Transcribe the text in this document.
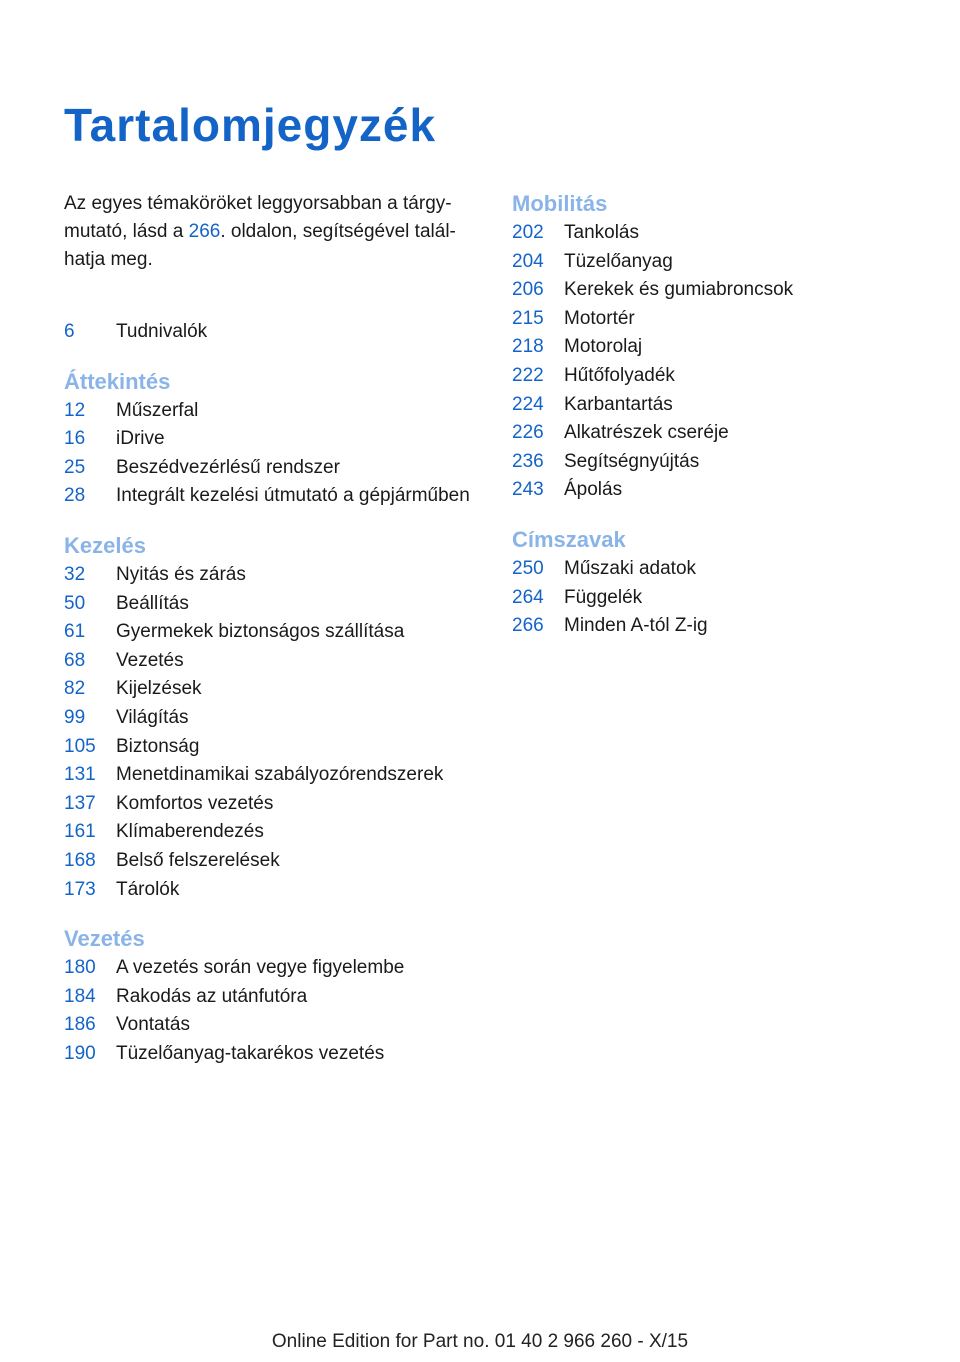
Tartalomjegyzék
Az egyes témaköröket leggyorsabban a tárgy-mutató, lásd a 266. oldalon, segítségével talál-hatja meg.
6	Tudnivalók
Áttekintés
12	Műszerfal
16	iDrive
25	Beszédvezérlésű rendszer
28	Integrált kezelési útmutató a gépjárműben
Kezelés
32	Nyitás és zárás
50	Beállítás
61	Gyermekek biztonságos szállítása
68	Vezetés
82	Kijelzések
99	Világítás
105	Biztonság
131	Menetdinamikai szabályozórendszerek
137	Komfortos vezetés
161	Klímaberendezés
168	Belső felszerelések
173	Tárolók
Vezetés
180	A vezetés során vegye figyelembe
184	Rakodás az utánfutóra
186	Vontatás
190	Tüzelőanyag-takarékos vezetés
Mobilitás
202	Tankolás
204	Tüzelőanyag
206	Kerekek és gumiabroncsok
215	Motortér
218	Motorolaj
222	Hűtőfolyadék
224	Karbantartás
226	Alkatrészek cseréje
236	Segítségnyújtás
243	Ápolás
Címszavak
250	Műszaki adatok
264	Függelék
266	Minden A-tól Z-ig
Online Edition for Part no. 01 40 2 966 260 - X/15
